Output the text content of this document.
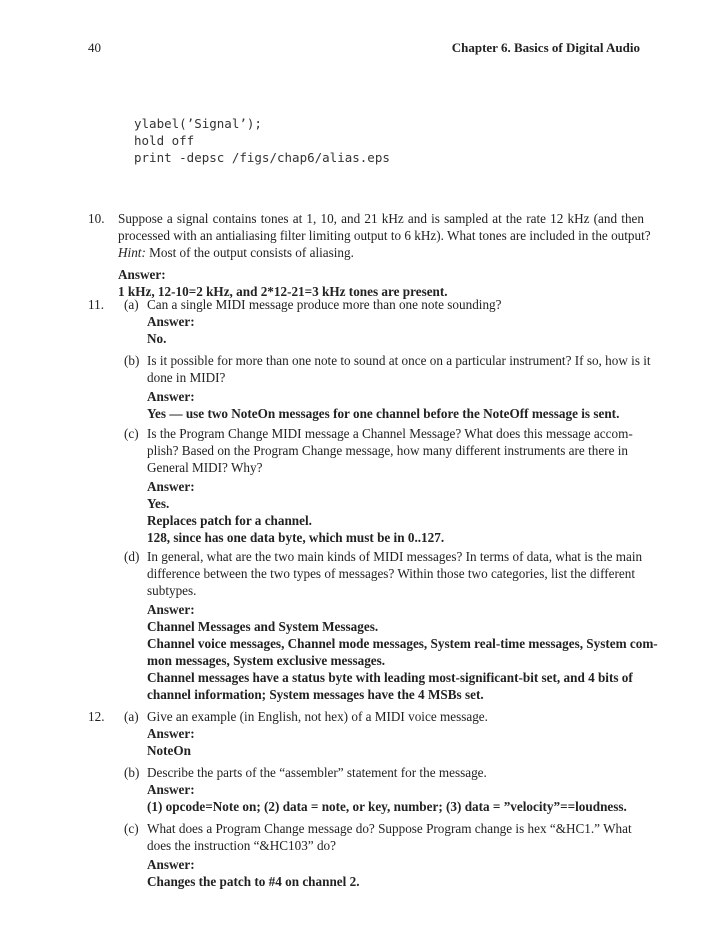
40	Chapter 6. Basics of Digital Audio
ylabel(’Signal’);
hold off
print -depsc /figs/chap6/alias.eps
10. Suppose a signal contains tones at 1, 10, and 21 kHz and is sampled at the rate 12 kHz (and then
processed with an antialiasing filter limiting output to 6 kHz). What tones are included in the output?
Hint: Most of the output consists of aliasing.
Answer:
1 kHz, 12-10=2 kHz, and 2*12-21=3 kHz tones are present.
11. (a) Can a single MIDI message produce more than one note sounding?
Answer:
No.
(b) Is it possible for more than one note to sound at once on a particular instrument? If so, how is it
done in MIDI?
Answer:
Yes — use two NoteOn messages for one channel before the NoteOff message is sent.
(c) Is the Program Change MIDI message a Channel Message? What does this message accom-
plish? Based on the Program Change message, how many different instruments are there in
General MIDI? Why?
Answer:
Yes.
Replaces patch for a channel.
128, since has one data byte, which must be in 0..127.
(d) In general, what are the two main kinds of MIDI messages? In terms of data, what is the main
difference between the two types of messages? Within those two categories, list the different
subtypes.
Answer:
Channel Messages and System Messages.
Channel voice messages, Channel mode messages, System real-time messages, System com-
mon messages, System exclusive messages.
Channel messages have a status byte with leading most-significant-bit set, and 4 bits of
channel information; System messages have the 4 MSBs set.
12. (a) Give an example (in English, not hex) of a MIDI voice message.
Answer:
NoteOn
(b) Describe the parts of the “assembler” statement for the message.
Answer:
(1) opcode=Note on; (2) data = note, or key, number; (3) data = ”velocity”==loudness.
(c) What does a Program Change message do? Suppose Program change is hex “&HC1.” What
does the instruction “&HC103” do?
Answer:
Changes the patch to #4 on channel 2.
